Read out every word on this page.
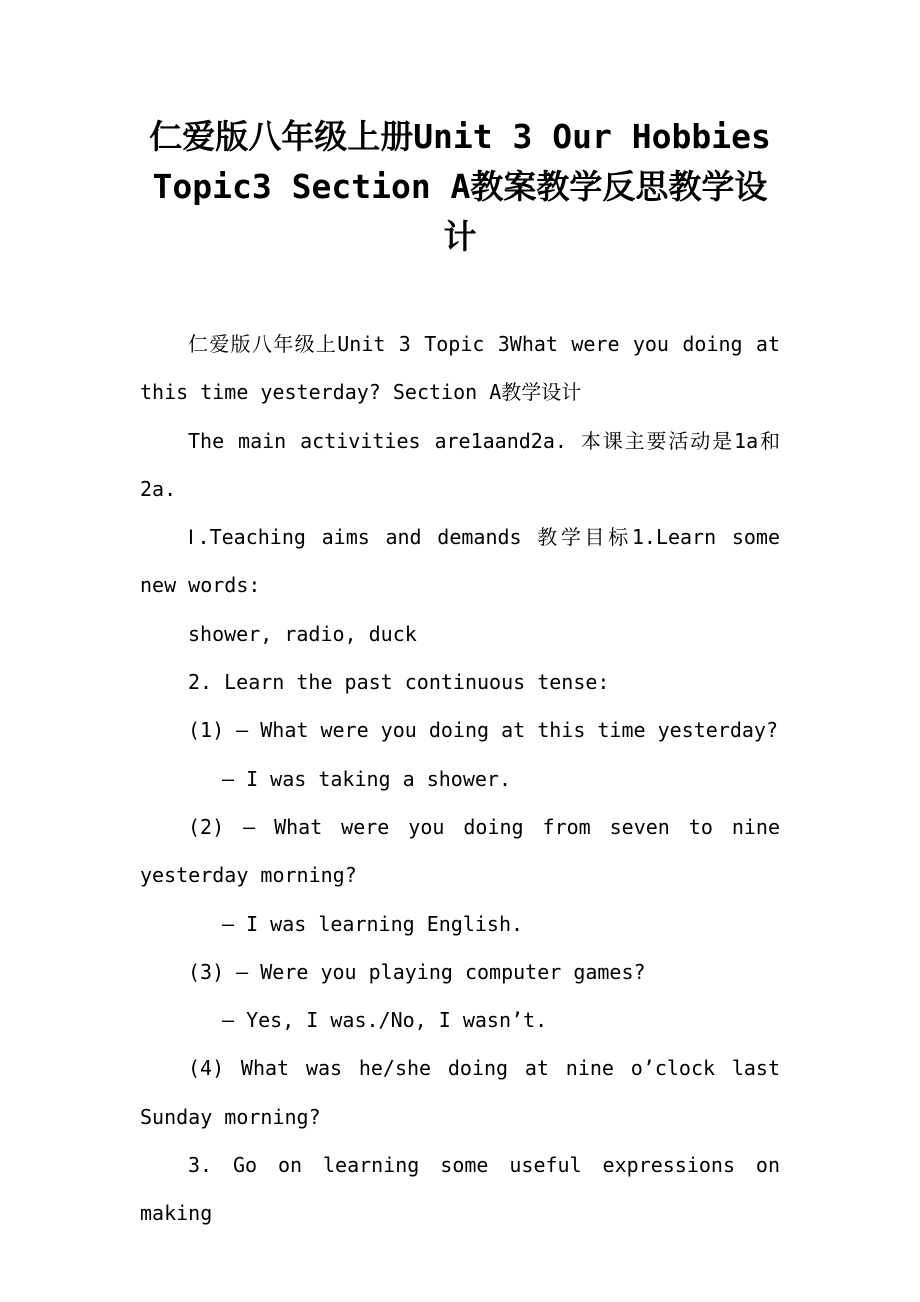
仁爱版八年级上册Unit 3 Our Hobbies Topic3 Section A教案教学反思教学设计

仁爱版八年级上Unit 3 Topic 3What were you doing at this time yesterday? Section A教学设计

The main activities are1aand2a. 本课主要活动是1a和2a.

Ⅰ.Teaching aims and demands 教学目标1.Learn some new words:

shower, radio, duck

2. Learn the past continuous tense:

(1) — What were you doing at this time yesterday?

— I was taking a shower.

(2) — What were you doing from seven to nine yesterday morning?

— I was learning English.

(3) — Were you playing computer games?

— Yes, I was./No, I wasn’t.

(4) What was he/she doing at nine o’clock last Sunday morning?

3. Go on learning some useful expressions on making
